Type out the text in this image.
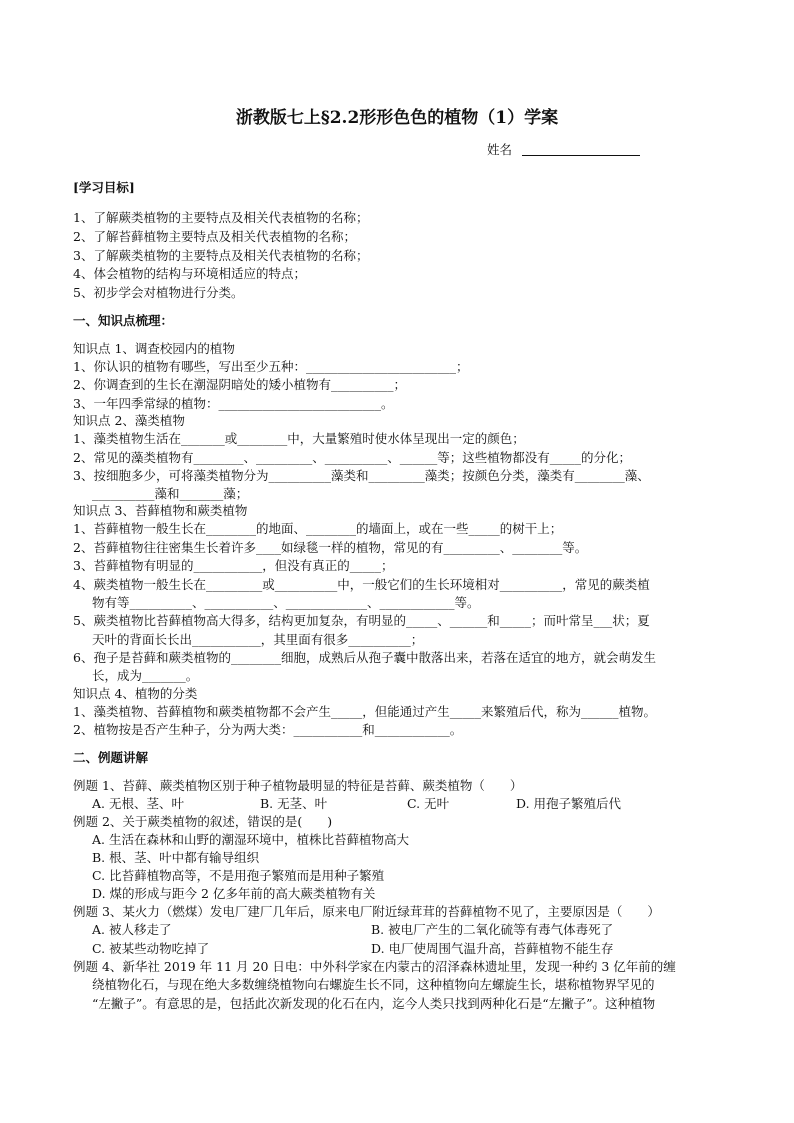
浙教版七上§2.2形形色色的植物（1）学案
姓名
[学习目标]
1、了解蕨类植物的主要特点及相关代表植物的名称；
2、了解苔藓植物主要特点及相关代表植物的名称；
3、了解蕨类植物的主要特点及相关代表植物的名称；
4、体会植物的结构与环境相适应的特点；
5、初步学会对植物进行分类。
一、知识点梳理：
知识点 1、调查校园内的植物
1、你认识的植物有哪些，写出至少五种：________________________；
2、你调查到的生长在潮湿阴暗处的矮小植物有__________；
3、一年四季常绿的植物：__________________________。
知识点 2、藻类植物
1、藻类植物生活在_______或________中，大量繁殖时使水体呈现出一定的颜色；
2、常见的藻类植物有________、_________、__________、______等；这些植物都没有_____的分化；
3、按细胞多少，可将藻类植物分为__________藻类和_________藻类；按颜色分类，藻类有________藻、
__________藻和_______藻；
知识点 3、苔藓植物和蕨类植物
1、苔藓植物一般生长在________的地面、________的墙面上，或在一些_____的树干上；
2、苔藓植物往往密集生长着许多____如绿毯一样的植物，常见的有_________、________等。
3、苔藓植物有明显的___________，但没有真正的_____；
4、蕨类植物一般生长在_________或__________中，一般它们的生长环境相对__________，常见的蕨类植
物有等__________、___________、_____________、____________等。
5、蕨类植物比苔藓植物高大得多，结构更加复杂，有明显的_____、______和_____；而叶常呈___状；夏
天叶的背面长长出___________，其里面有很多__________；
6、孢子是苔藓和蕨类植物的________细胞，成熟后从孢子囊中散落出来，若落在适宜的地方，就会萌发生
长，成为_______。
知识点 4、植物的分类
1、藻类植物、苔藓植物和蕨类植物都不会产生_____，但能通过产生_____来繁殖后代，称为______植物。
2、植物按是否产生种子，分为两大类：___________和____________。
二、例题讲解
例题 1、苔藓、蕨类植物区别于种子植物最明显的特征是苔藓、蕨类植物（　　）
A. 无根、茎、叶	B. 无茎、叶	C. 无叶	D. 用孢子繁殖后代
例题 2、关于蕨类植物的叙述，错误的是(　　)
A. 生活在森林和山野的潮湿环境中，植株比苔藓植物高大
B. 根、茎、叶中都有输导组织
C. 比苔藓植物高等，不是用孢子繁殖而是用种子繁殖
D. 煤的形成与距今 2 亿多年前的高大蕨类植物有关
例题 3、某火力（燃煤）发电厂建厂几年后，原来电厂附近绿茸茸的苔藓植物不见了，主要原因是（　　）
A. 被人移走了	B. 被电厂产生的二氧化硫等有毒气体毒死了
C. 被某些动物吃掉了	D. 电厂使周围气温升高，苔藓植物不能生存
例题 4、新华社 2019 年 11 月 20 日电：中外科学家在内蒙古的沼泽森林遗址里，发现一种约 3 亿年前的缠
绕植物化石，与现在绝大多数缠绕植物向右螺旋生长不同，这种植物向左螺旋生长，堪称植物界罕见的
“左撇子”。有意思的是，包括此次新发现的化石在内，迄今人类只找到两种化石是“左撇子”。这种植物
